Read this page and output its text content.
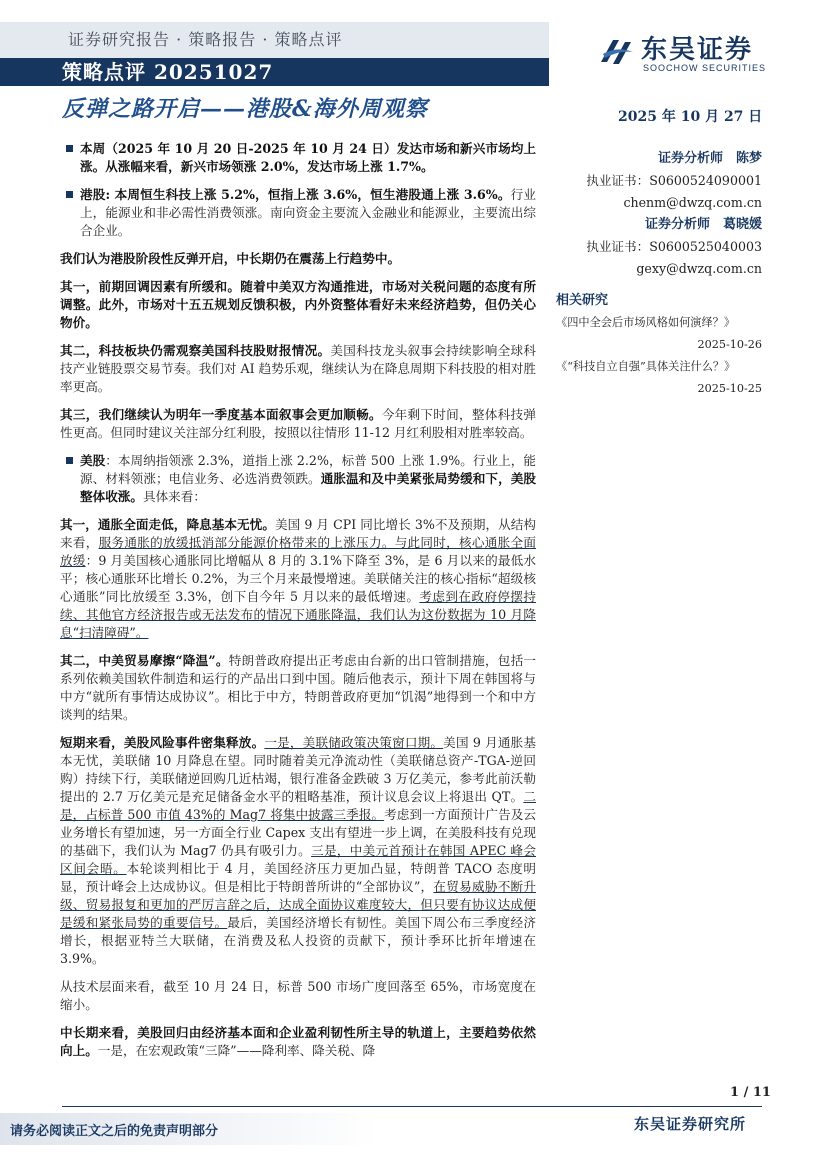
证券研究报告 · 策略报告 · 策略点评
策略点评 20251027
东吴证券
SOOCHOW SECURITIES
反弹之路开启——港股&海外周观察	2025 年 10 月 27 日

本周（2025 年 10 月 20 日-2025 年 10 月 24 日）发达市场和新兴市场均上涨。从涨幅来看，新兴市场领涨 2.0%，发达市场上涨 1.7%。

港股: 本周恒生科技上涨 5.2%，恒指上涨 3.6%，恒生港股通上涨 3.6%。行业上，能源业和非必需性消费领涨。南向资金主要流入金融业和能源业，主要流出综合企业。

我们认为港股阶段性反弹开启，中长期仍在震荡上行趋势中。

其一，前期回调因素有所缓和。随着中美双方沟通推进，市场对关税问题的态度有所调整。此外，市场对十五五规划反馈积极，内外资整体看好未来经济趋势，但仍关心物价。

其二，科技板块仍需观察美国科技股财报情况。美国科技龙头叙事会持续影响全球科技产业链股票交易节奏。我们对 AI 趋势乐观，继续认为在降息周期下科技股的相对胜率更高。

其三，我们继续认为明年一季度基本面叙事会更加顺畅。今年剩下时间，整体科技弹性更高。但同时建议关注部分红利股，按照以往情形 11-12 月红利股相对胜率较高。

美股：本周纳指领涨 2.3%，道指上涨 2.2%，标普 500 上涨 1.9%。行业上，能源、材料领涨；电信业务、必选消费领跌。通胀温和及中美紧张局势缓和下，美股整体收涨。具体来看：

其一，通胀全面走低，降息基本无忧。美国 9 月 CPI 同比增长 3%不及预期，从结构来看，服务通胀的放缓抵消部分能源价格带来的上涨压力。与此同时，核心通胀全面放缓：9 月美国核心通胀同比增幅从 8 月的 3.1%下降至 3%，是 6 月以来的最低水平；核心通胀环比增长 0.2%，为三个月来最慢增速。美联储关注的核心指标“超级核心通胀”同比放缓至 3.3%，创下自今年 5 月以来的最低增速。考虑到在政府停摆持续、其他官方经济报告或无法发布的情况下通胀降温，我们认为这份数据为 10 月降息“扫清障碍”。

其二，中美贸易摩擦“降温”。特朗普政府提出正考虑由台新的出口管制措施，包括一系列依赖美国软件制造和运行的产品出口到中国。随后他表示，预计下周在韩国将与中方“就所有事情达成协议”。相比于中方，特朗普政府更加“饥渴”地得到一个和中方谈判的结果。

短期来看，美股风险事件密集释放。一是，美联储政策决策窗口期。美国 9 月通胀基本无忧，美联储 10 月降息在望。同时随着美元净流动性（美联储总资产-TGA-逆回购）持续下行，美联储逆回购几近枯竭，银行准备金跌破 3 万亿美元，参考此前沃勒提出的 2.7 万亿美元是充足储备金水平的粗略基准，预计议息会议上将退出 QT。二是，占标普 500 市值 43%的 Mag7 将集中披露三季报。考虑到一方面预计广告及云业务增长有望加速，另一方面全行业 Capex 支出有望进一步上调，在美股科技有兑现的基础下，我们认为 Mag7 仍具有吸引力。三是，中美元首预计在韩国 APEC 峰会区间会晤。本轮谈判相比于 4 月，美国经济压力更加凸显，特朗普 TACO 态度明显，预计峰会上达成协议。但是相比于特朗普所讲的“全部协议”，在贸易威胁不断升级、贸易报复和更加的严厉言辞之后，达成全面协议难度较大，但只要有协议达成便是缓和紧张局势的重要信号。最后，美国经济增长有韧性。美国下周公布三季度经济增长，根据亚特兰大联储，在消费及私人投资的贡献下，预计季环比折年增速在 3.9%。

从技术层面来看，截至 10 月 24 日，标普 500 市场广度回落至 65%，市场宽度在缩小。

中长期来看，美股回归由经济基本面和企业盈利韧性所主导的轨道上，主要趋势依然向上。一是，在宏观政策“三降”——降利率、降关税、降

证券分析师　陈梦
执业证书：S0600524090001
chenm@dwzq.com.cn
证券分析师　葛晓媛
执业证书：S0600525040003
gexy@dwzq.com.cn
相关研究
《四中全会后市场风格如何演绎？》
2025-10-26
《“科技自立自强”具体关注什么？》
2025-10-25
1 / 11
请务必阅读正文之后的免责声明部分	东吴证券研究所
